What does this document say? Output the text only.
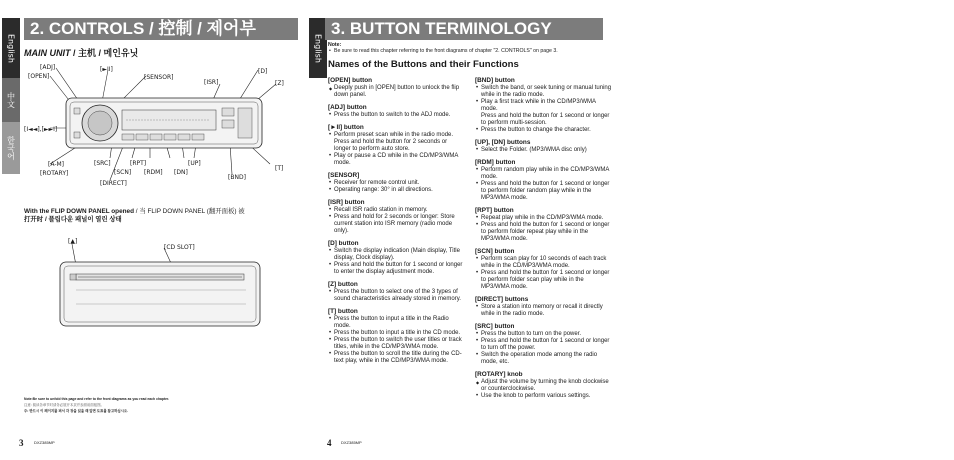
English
中文
한국어
2. CONTROLS / 控制 / 제어부
MAIN UNIT / 主机 / 메인유닛
[ADJ]
[OPEN]
[►II]
[SENSOR]
[ISR]
[D]
[Z]
[I◄◄],[►►I]
[T]
[A-M]
[ROTARY]
[SRC]
[SCN]
[RPT]
[RDM]
[UP]
[DN]
[BND]
[DIRECT]
With the FLIP DOWN PANEL opened / 当 FLIP DOWN PANEL (翻开面板) 被
打开时 / 플립다운 패널이 열린 상태
[▲]
[CD SLOT]
Note:Be sure to unfold this page and refer to the front diagrams as you read each chapter.
注意: 阅读各章节时请务必展开本页并参照前面板图。
주: 반드시 이 페이지를 펴서 각 장을 읽을 때 앞면 도표를 참고하십시오.
3	DXZ385MP
English
3. BUTTON TERMINOLOGY
Note:
• Be sure to read this chapter referring to the front diagrams of chapter "2. CONTROLS" on page 3.
Names of the Buttons and their Functions
[OPEN] button
◆ Deeply push in [OPEN] button to unlock the flip down panel.
[ADJ] button
• Press the button to switch to the ADJ mode.
[►II] button
• Perform preset scan while in the radio mode. Press and hold the button for 2 seconds or longer to perform auto store.
• Play or pause a CD while in the CD/MP3/WMA mode.
[SENSOR]
• Receiver for remote control unit.
• Operating range: 30° in all directions.
[ISR] button
• Recall ISR radio station in memory.
• Press and hold for 2 seconds or longer: Store current station into ISR memory (radio mode only).
[D] button
• Switch the display indication (Main display, Title display, Clock display).
• Press and hold the button for 1 second or longer to enter the display adjustment mode.
[Z] button
• Press the button to select one of the 3 types of sound characteristics already stored in memory.
[T] button
• Press the button to input a title in the Radio mode.
• Press the button to input a title in the CD mode.
• Press the button to switch the user titles or track titles, while in the CD/MP3/WMA mode.
• Press the button to scroll the title during the CD-text play, while in the CD/MP3/WMA mode.
[BND] button
• Switch the band, or seek tuning or manual tuning while in the radio mode.
• Play a first track while in the CD/MP3/WMA mode.
Press and hold the button for 1 second or longer to perform multi-session.
• Press the button to change the character.
[UP], [DN] buttons
• Select the Folder. (MP3/WMA disc only)
[RDM] button
• Perform random play while in the CD/MP3/WMA mode.
• Press and hold the button for 1 second or longer to perform folder random play while in the MP3/WMA mode.
[RPT] button
• Repeat play while in the CD/MP3/WMA mode.
• Press and hold the button for 1 second or longer to perform folder repeat play while in the MP3/WMA mode.
[SCN] button
• Perform scan play for 10 seconds of each track while in the CD/MP3/WMA mode.
• Press and hold the button for 1 second or longer to perform folder scan play while in the MP3/WMA mode.
[DIRECT] buttons
• Store a station into memory or recall it directly while in the radio mode.
[SRC] button
• Press the button to turn on the power.
• Press and hold the button for 1 second or longer to turn off the power.
• Switch the operation mode among the radio mode, etc.
[ROTARY] knob
◆ Adjust the volume by turning the knob clockwise or counterclockwise.
• Use the knob to perform various settings.
4 DXZ385MP
